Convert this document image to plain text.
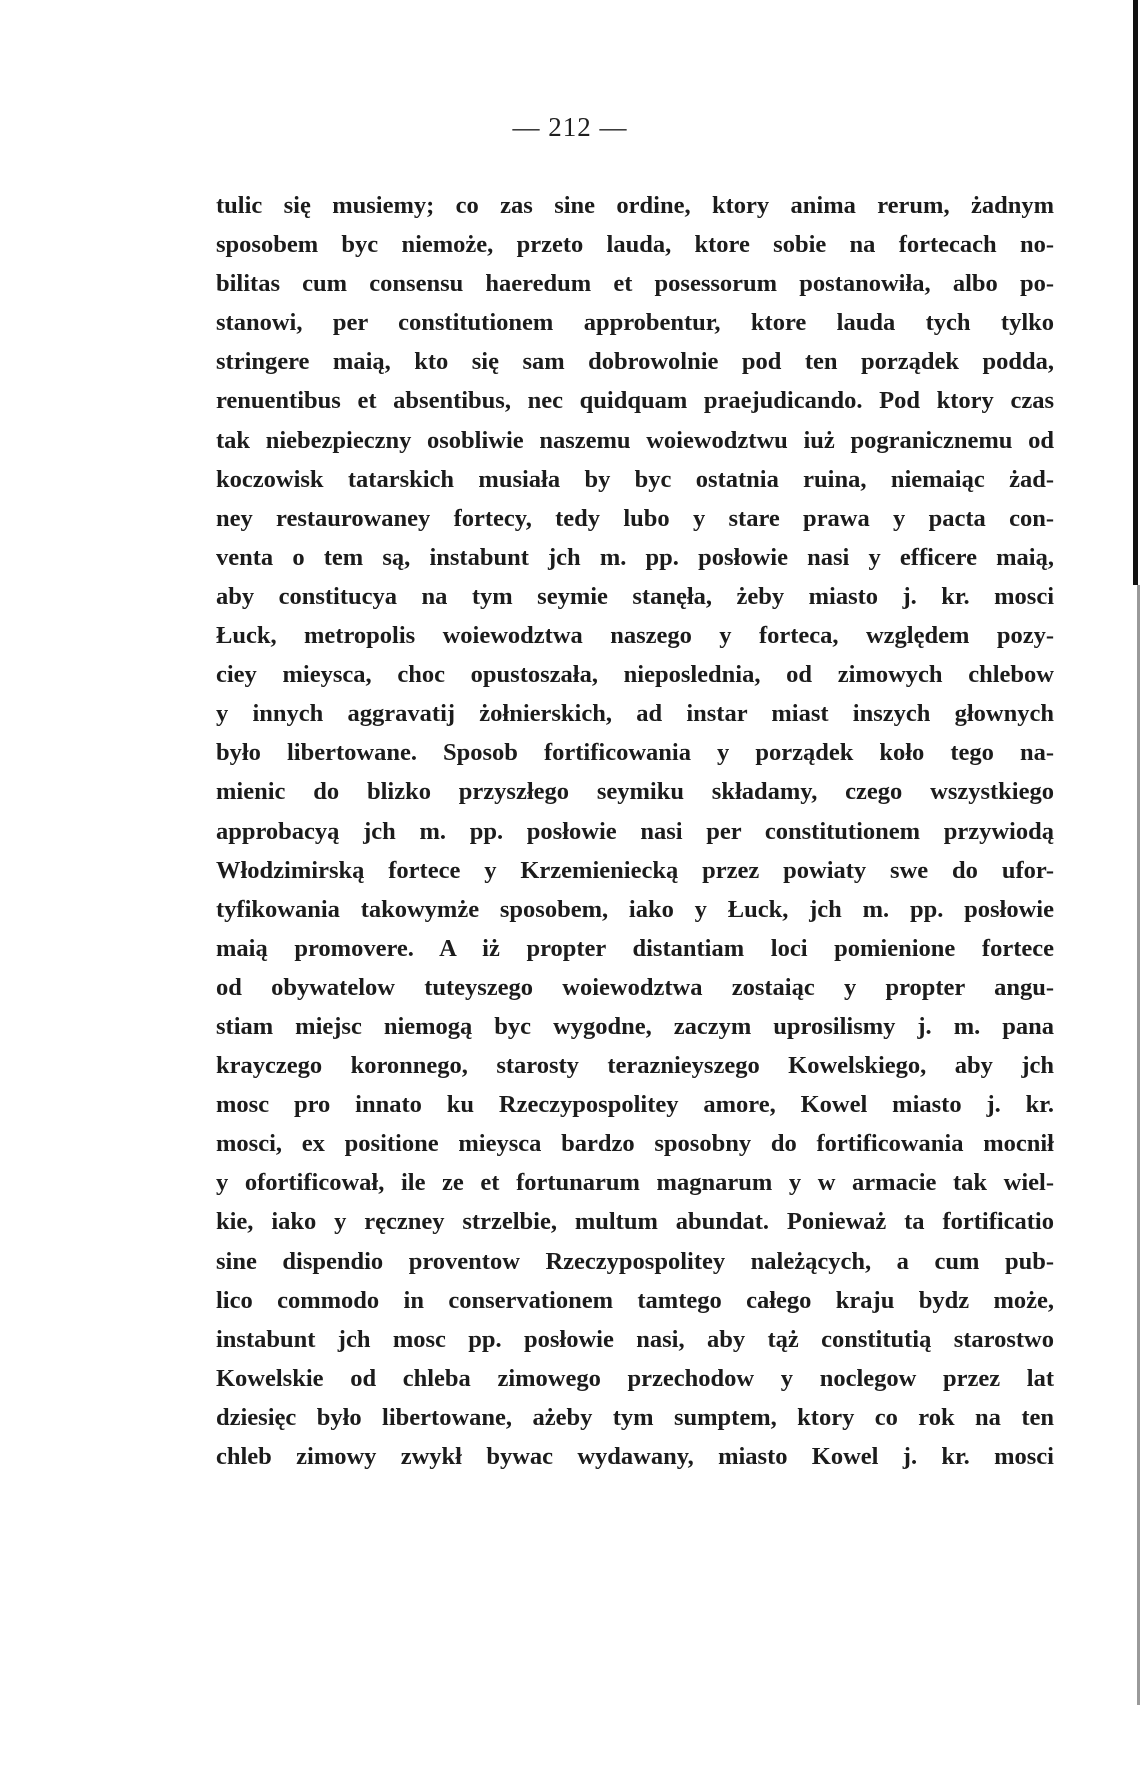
— 212 —
tulic się musiemy; co zas sine ordine, ktory anima rerum, żadnym
sposobem byc niemoże, przeto lauda, ktore sobie na fortecach no-
bilitas cum consensu haeredum et posessorum postanowiła, albo po-
stanowi, per constitutionem approbentur, ktore lauda tych tylko
stringere maią, kto się sam dobrowolnie pod ten porządek podda,
renuentibus et absentibus, nec quidquam praejudicando. Pod ktory czas
tak niebezpieczny osobliwie naszemu woiewodztwu iuż pogranicznemu od
koczowisk tatarskich musiała by byc ostatnia ruina, niemaiąc żad-
ney restaurowaney fortecy, tedy lubo y stare prawa y pacta con-
venta o tem są, instabunt jch m. pp. posłowie nasi y efficere maią,
aby constitucya na tym seymie stanęła, żeby miasto j. kr. mosci
Łuck, metropolis woiewodztwa naszego y forteca, względem pozy-
ciey mieysca, choc opustoszała, nieposlednia, od zimowych chlebow
y innych aggravatij żołnierskich, ad instar miast inszych głownych
było libertowane. Sposob fortificowania y porządek koło tego na-
mienic do blizko przyszłego seymiku składamy, czego wszystkiego
approbacyą jch m. pp. posłowie nasi per constitutionem przywiodą
Włodzimirską fortece y Krzemieniecką przez powiaty swe do ufor-
tyfikowania takowymże sposobem, iako y Łuck, jch m. pp. posłowie
maią promovere. A iż propter distantiam loci pomienione fortece
od obywatelow tuteyszego woiewodztwa zostaiąc y propter angu-
stiam miejsc niemogą byc wygodne, zaczym uprosilismy j. m. pana
krayczego koronnego, starosty teraznieyszego Kowelskiego, aby jch
mosc pro innato ku Rzeczypospolitey amore, Kowel miasto j. kr.
mosci, ex positione mieysca bardzo sposobny do fortificowania mocnił
y ofortificował, ile ze et fortunarum magnarum y w armacie tak wiel-
kie, iako y ręczney strzelbie, multum abundat. Ponieważ ta fortificatio
sine dispendio proventow Rzeczypospolitey należących, a cum pub-
lico commodo in conservationem tamtego całego kraju bydz może,
instabunt jch mosc pp. posłowie nasi, aby tąż constitutią starostwo
Kowelskie od chleba zimowego przechodow y noclegow przez lat
dziesięc było libertowane, ażeby tym sumptem, ktory co rok na ten
chleb zimowy zwykł bywac wydawany, miasto Kowel j. kr. mosci
